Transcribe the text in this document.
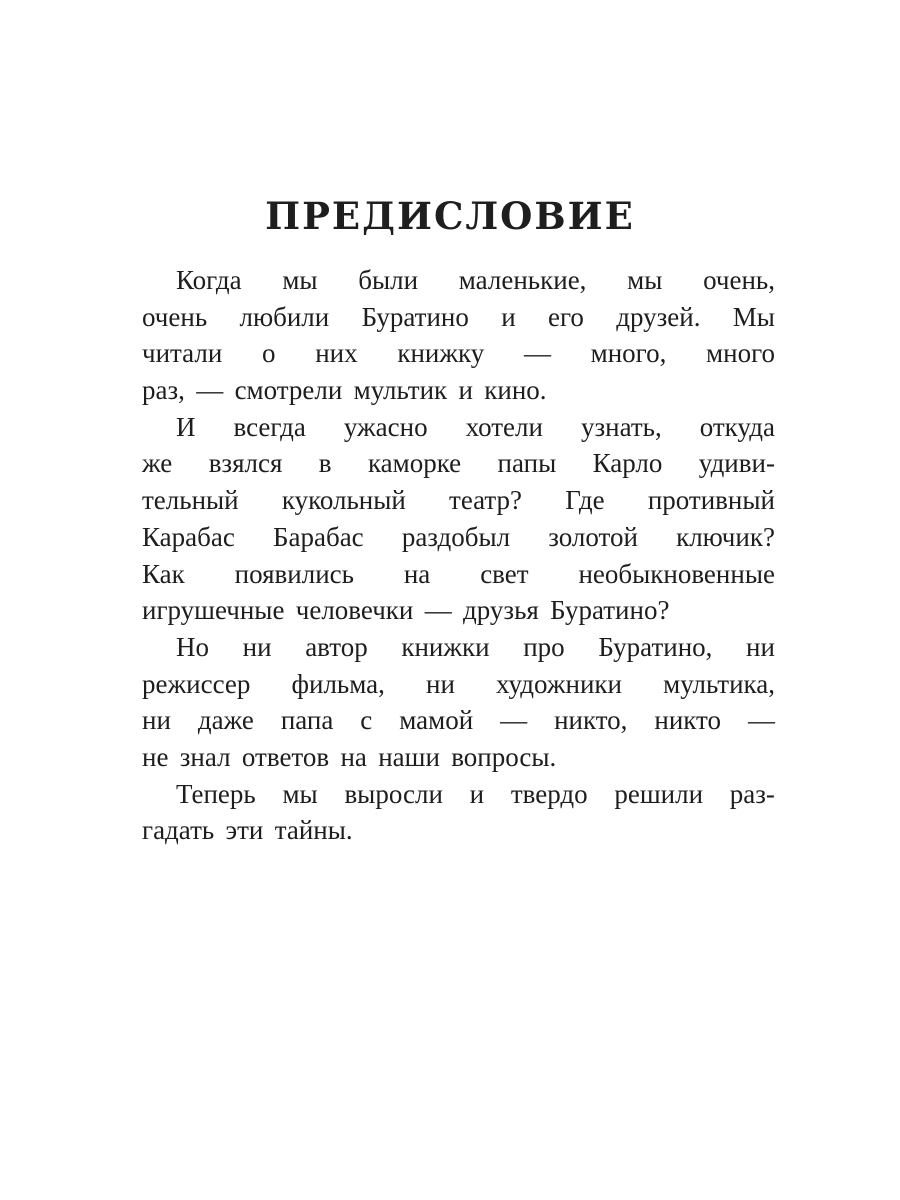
ПРЕДИСЛОВИЕ
Когда мы были маленькие, мы очень,
очень любили Буратино и его друзей. Мы
читали о них книжку — много, много
раз, — смотрели мультик и кино.
И всегда ужасно хотели узнать, откуда
же взялся в каморке папы Карло удиви-
тельный кукольный театр? Где противный
Карабас Барабас раздобыл золотой ключик?
Как появились на свет необыкновенные
игрушечные человечки — друзья Буратино?
Но ни автор книжки про Буратино, ни
режиссер фильма, ни художники мультика,
ни даже папа с мамой — никто, никто —
не знал ответов на наши вопросы.
Теперь мы выросли и твердо решили раз-
гадать эти тайны.
